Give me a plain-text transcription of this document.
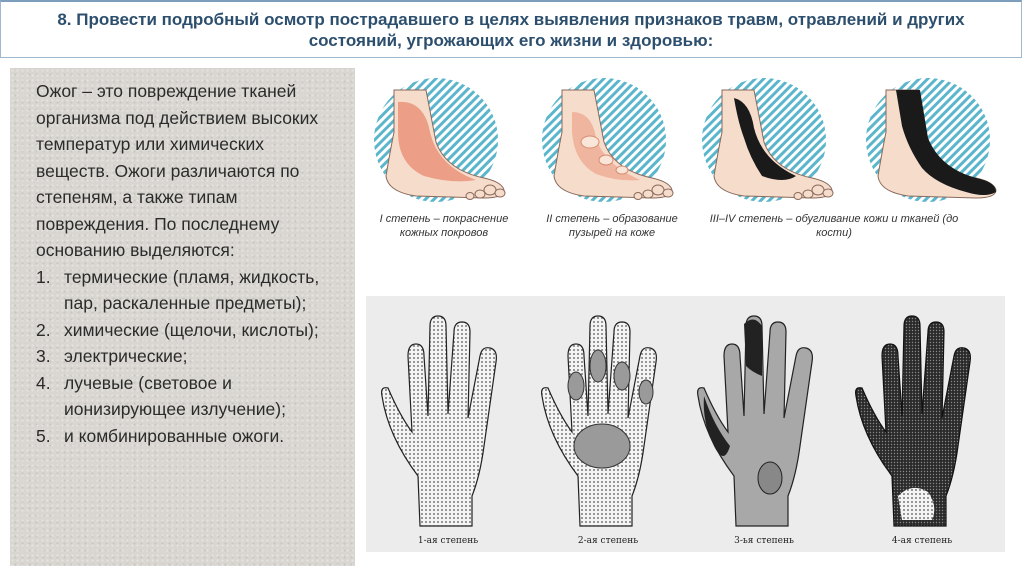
8. Провести подробный осмотр пострадавшего в целях выявления признаков травм, отравлений и других состояний, угрожающих его жизни и здоровью:

Ожог – это повреждение тканей организма под действием высоких температур или химических веществ. Ожоги различаются по степеням, а также типам повреждения. По последнему основанию выделяются:

1. термические (пламя, жидкость, пар, раскаленные предметы);
2. химические (щелочи, кислоты);
3. электрические;
4. лучевые (световое и ионизирующее излучение);
5. и комбинированные ожоги.
I степень – покраснение кожных покровов
II степень – образование пузырей на коже
III–IV степень – обугливание кожи и тканей (до кости)
1-ая степень	2-ая степень	3-ья степень	4-ая степень
